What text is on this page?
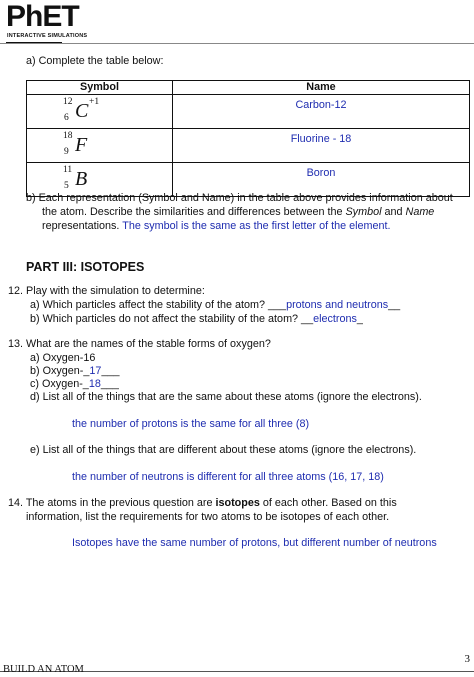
PhET
INTERACTIVE SIMULATIONS
a) Complete the table below:
Symbol	Name

12
6 C +1	Carbon-12

18
9 F	Fluorine - 18

11
5 B	Boron
b) Each representation (Symbol and Name) in the table above provides information about
the atom. Describe the similarities and differences between the Symbol and Name
representations. The symbol is the same as the first letter of the element.
PART III: ISOTOPES
12. Play with the simulation to determine:
a) Which particles affect the stability of the atom? ___protons and neutrons__
b) Which particles do not affect the stability of the atom? __electrons_
13. What are the names of the stable forms of oxygen?
a) Oxygen-16
b) Oxygen-_17___
c) Oxygen-_18___
d) List all of the things that are the same about these atoms (ignore the electrons).
the number of protons is the same for all three (8)
e) List all of the things that are different about these atoms (ignore the electrons).
the number of neutrons is different for all three atoms (16, 17, 18)
14. The atoms in the previous question are isotopes of each other. Based on this
information, list the requirements for two atoms to be isotopes of each other.
Isotopes have the same number of protons, but different number of neutrons
3
BUILD AN ATOM
